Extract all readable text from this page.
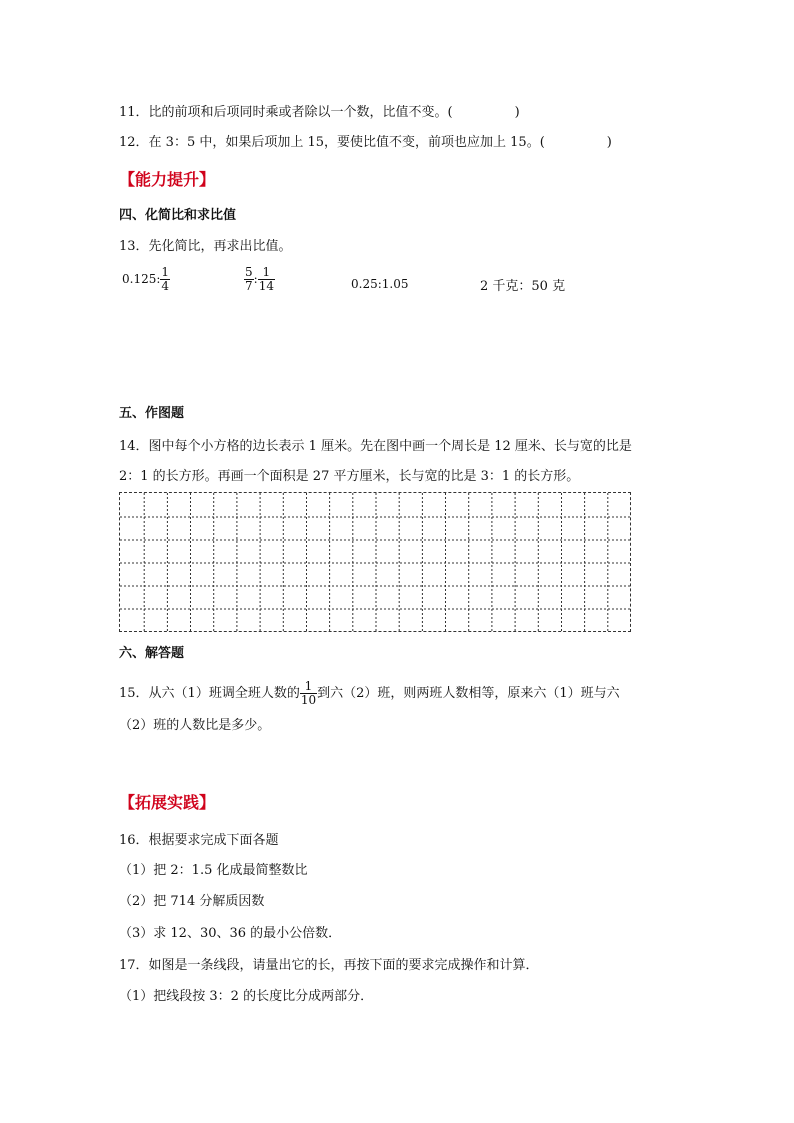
11．比的前项和后项同时乘或者除以一个数，比值不变。(	)
12．在 3：5 中，如果后项加上 15，要使比值不变，前项也应加上 15。(	)
【能力提升】
四、化简比和求比值
13．先化简比，再求出比值。
0.125: $\frac{1}{4}$	$\frac{5}{7}$ : $\frac{1}{14}$	0.25:1.05	2 千克：50 克
五、作图题
14．图中每个小方格的边长表示 1 厘米。先在图中画一个周长是 12 厘米、长与宽的比是
2：1 的长方形。再画一个面积是 27 平方厘米，长与宽的比是 3：1 的长方形。
六、解答题
15．从六（1）班调全班人数的 $\frac{1}{10}$ 到六（2）班，则两班人数相等，原来六（1）班与六
（2）班的人数比是多少。
【拓展实践】
16．根据要求完成下面各题
（1）把 2：1.5 化成最简整数比
（2）把 714 分解质因数
（3）求 12、30、36 的最小公倍数．
17．如图是一条线段，请量出它的长，再按下面的要求完成操作和计算．
（1）把线段按 3：2 的长度比分成两部分．
